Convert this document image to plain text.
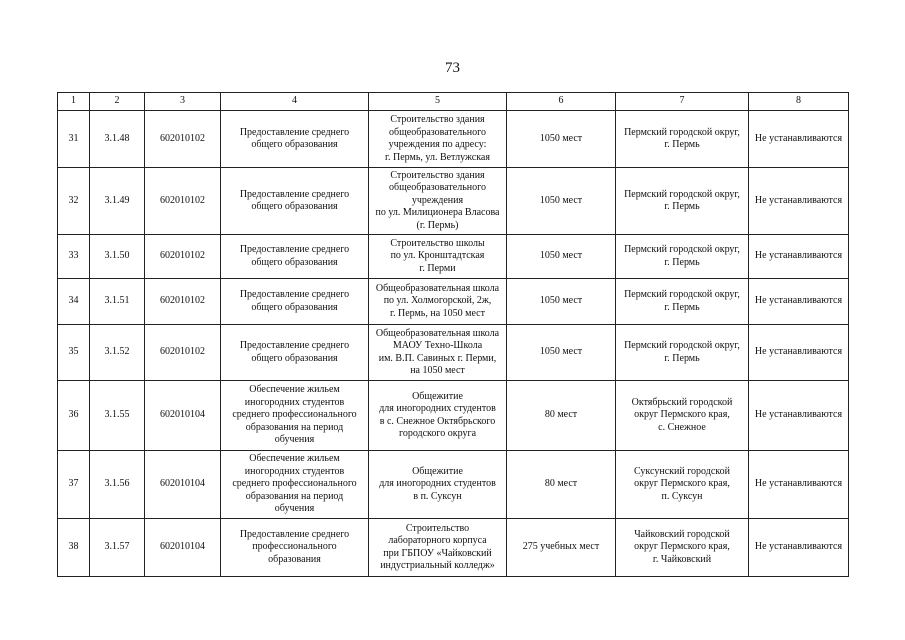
73
1	2	3	4	5	6	7	8
31	3.1.48	602010102	Предоставление среднего
общего образования	Строительство здания
общеобразовательного
учреждения по адресу:
г. Пермь, ул. Ветлужская	1050 мест	Пермский городской округ,
г. Пермь	Не устанавливаются
32	3.1.49	602010102	Предоставление среднего
общего образования	Строительство здания
общеобразовательного
учреждения
по ул. Милиционера Власова
(г. Пермь)	1050 мест	Пермский городской округ,
г. Пермь	Не устанавливаются
33	3.1.50	602010102	Предоставление среднего
общего образования	Строительство школы
по ул. Кронштадтская
г. Перми	1050 мест	Пермский городской округ,
г. Пермь	Не устанавливаются
34	3.1.51	602010102	Предоставление среднего
общего образования	Общеобразовательная школа
по ул. Холмогорской, 2ж,
г. Пермь, на 1050 мест	1050 мест	Пермский городской округ,
г. Пермь	Не устанавливаются
35	3.1.52	602010102	Предоставление среднего
общего образования	Общеобразовательная школа
МАОУ Техно-Школа
им. В.П. Савиных г. Перми,
на 1050 мест	1050 мест	Пермский городской округ,
г. Пермь	Не устанавливаются
36	3.1.55	602010104	Обеспечение жильем
иногородних студентов
среднего профессионального
образования на период
обучения	Общежитие
для иногородних студентов
в с. Снежное Октябрьского
городского округа	80 мест	Октябрьский городской
округ Пермского края,
с. Снежное	Не устанавливаются
37	3.1.56	602010104	Обеспечение жильем
иногородних студентов
среднего профессионального
образования на период
обучения	Общежитие
для иногородних студентов
в п. Суксун	80 мест	Суксунский городской
округ Пермского края,
п. Суксун	Не устанавливаются
38	3.1.57	602010104	Предоставление среднего
профессионального
образования	Строительство
лабораторного корпуса
при ГБПОУ «Чайковский
индустриальный колледж»	275 учебных мест	Чайковский городской
округ Пермского края,
г. Чайковский	Не устанавливаются
